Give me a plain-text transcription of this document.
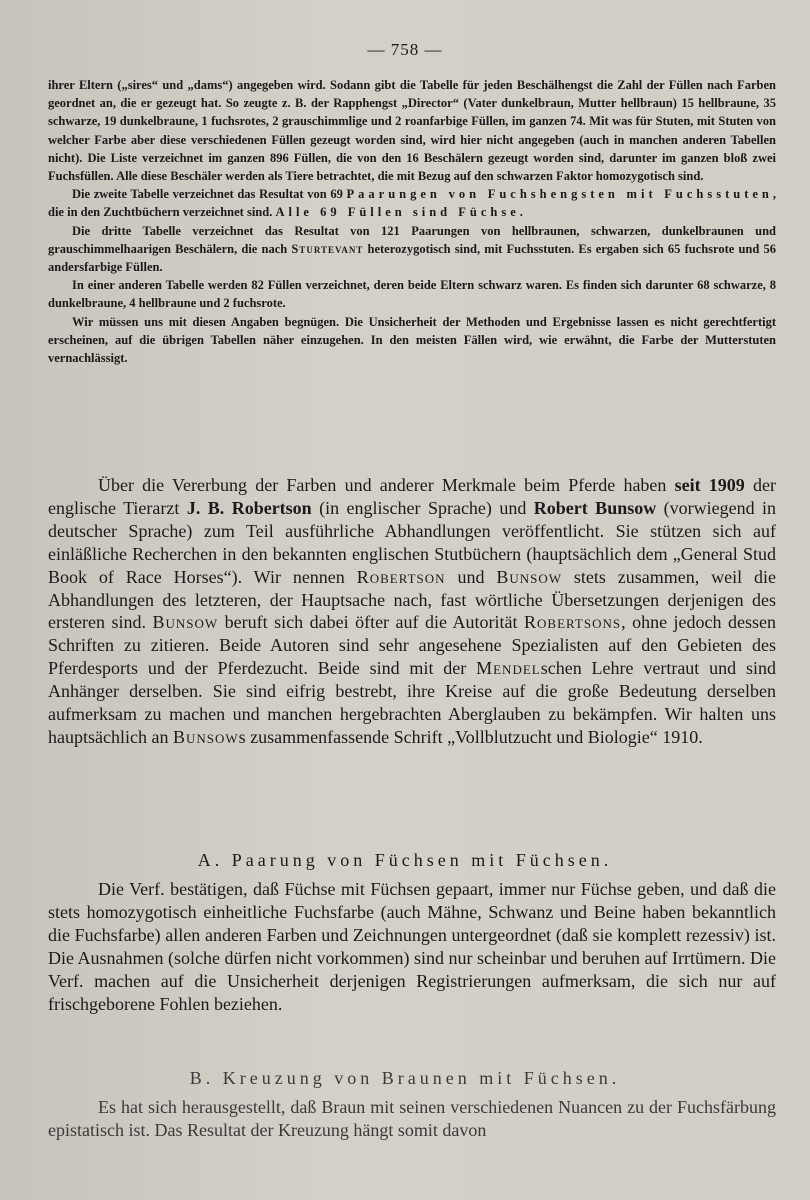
— 758 —

ihrer Eltern („sires“ und „dams“) angegeben wird. Sodann gibt die Tabelle für jeden Beschälhengst die Zahl der Füllen nach Farben geordnet an, die er gezeugt hat. So zeugte z. B. der Rapphengst „Director“ (Vater dunkelbraun, Mutter hellbraun) 15 hellbraune, 35 schwarze, 19 dunkelbraune, 1 fuchsrotes, 2 grauschimmlige und 2 roanfarbige Füllen, im ganzen 74. Mit was für Stuten, mit Stuten von welcher Farbe aber diese verschiedenen Füllen gezeugt worden sind, wird hier nicht angegeben (auch in manchen anderen Tabellen nicht). Die Liste verzeichnet im ganzen 896 Füllen, die von den 16 Beschälern gezeugt worden sind, darunter im ganzen bloß zwei Fuchsfüllen. Alle diese Beschäler werden als Tiere betrachtet, die mit Bezug auf den schwarzen Faktor homozygotisch sind.

Die zweite Tabelle verzeichnet das Resultat von 69 Paarungen von Fuchshengsten mit Fuchsstuten, die in den Zuchtbüchern verzeichnet sind. Alle 69 Füllen sind Füchse.

Die dritte Tabelle verzeichnet das Resultat von 121 Paarungen von hellbraunen, schwarzen, dunkelbraunen und grauschimmelhaarigen Beschälern, die nach Sturtevant heterozygotisch sind, mit Fuchsstuten. Es ergaben sich 65 fuchsrote und 56 andersfarbige Füllen.

In einer anderen Tabelle werden 82 Füllen verzeichnet, deren beide Eltern schwarz waren. Es finden sich darunter 68 schwarze, 8 dunkelbraune, 4 hellbraune und 2 fuchsrote.

Wir müssen uns mit diesen Angaben begnügen. Die Unsicherheit der Methoden und Ergebnisse lassen es nicht gerechtfertigt erscheinen, auf die übrigen Tabellen näher einzugehen. In den meisten Fällen wird, wie erwähnt, die Farbe der Mutterstuten vernachlässigt.

Über die Vererbung der Farben und anderer Merkmale beim Pferde haben seit 1909 der englische Tierarzt J. B. Robertson (in englischer Sprache) und Robert Bunsow (vorwiegend in deutscher Sprache) zum Teil ausführliche Abhandlungen veröffentlicht. Sie stützen sich auf einläßliche Recherchen in den bekannten englischen Stutbüchern (hauptsächlich dem „General Stud Book of Race Horses“). Wir nennen Robertson und Bunsow stets zusammen, weil die Abhandlungen des letzteren, der Hauptsache nach, fast wörtliche Übersetzungen derjenigen des ersteren sind. Bunsow beruft sich dabei öfter auf die Autorität Robertsons, ohne jedoch dessen Schriften zu zitieren. Beide Autoren sind sehr angesehene Spezialisten auf den Gebieten des Pferdesports und der Pferdezucht. Beide sind mit der Mendelschen Lehre vertraut und sind Anhänger derselben. Sie sind eifrig bestrebt, ihre Kreise auf die große Bedeutung derselben aufmerksam zu machen und manchen hergebrachten Aberglauben zu bekämpfen. Wir halten uns hauptsächlich an Bunsows zusammenfassende Schrift „Vollblutzucht und Biologie“ 1910.

A. Paarung von Füchsen mit Füchsen.

Die Verf. bestätigen, daß Füchse mit Füchsen gepaart, immer nur Füchse geben, und daß die stets homozygotisch einheitliche Fuchsfarbe (auch Mähne, Schwanz und Beine haben bekanntlich die Fuchsfarbe) allen anderen Farben und Zeichnungen untergeordnet (daß sie komplett rezessiv) ist. Die Ausnahmen (solche dürfen nicht vorkommen) sind nur scheinbar und beruhen auf Irrtümern. Die Verf. machen auf die Unsicherheit derjenigen Registrierungen aufmerksam, die sich nur auf frischgeborene Fohlen beziehen.

B. Kreuzung von Braunen mit Füchsen.

Es hat sich herausgestellt, daß Braun mit seinen verschiedenen Nuancen zu der Fuchsfärbung epistatisch ist. Das Resultat der Kreuzung hängt somit davon
